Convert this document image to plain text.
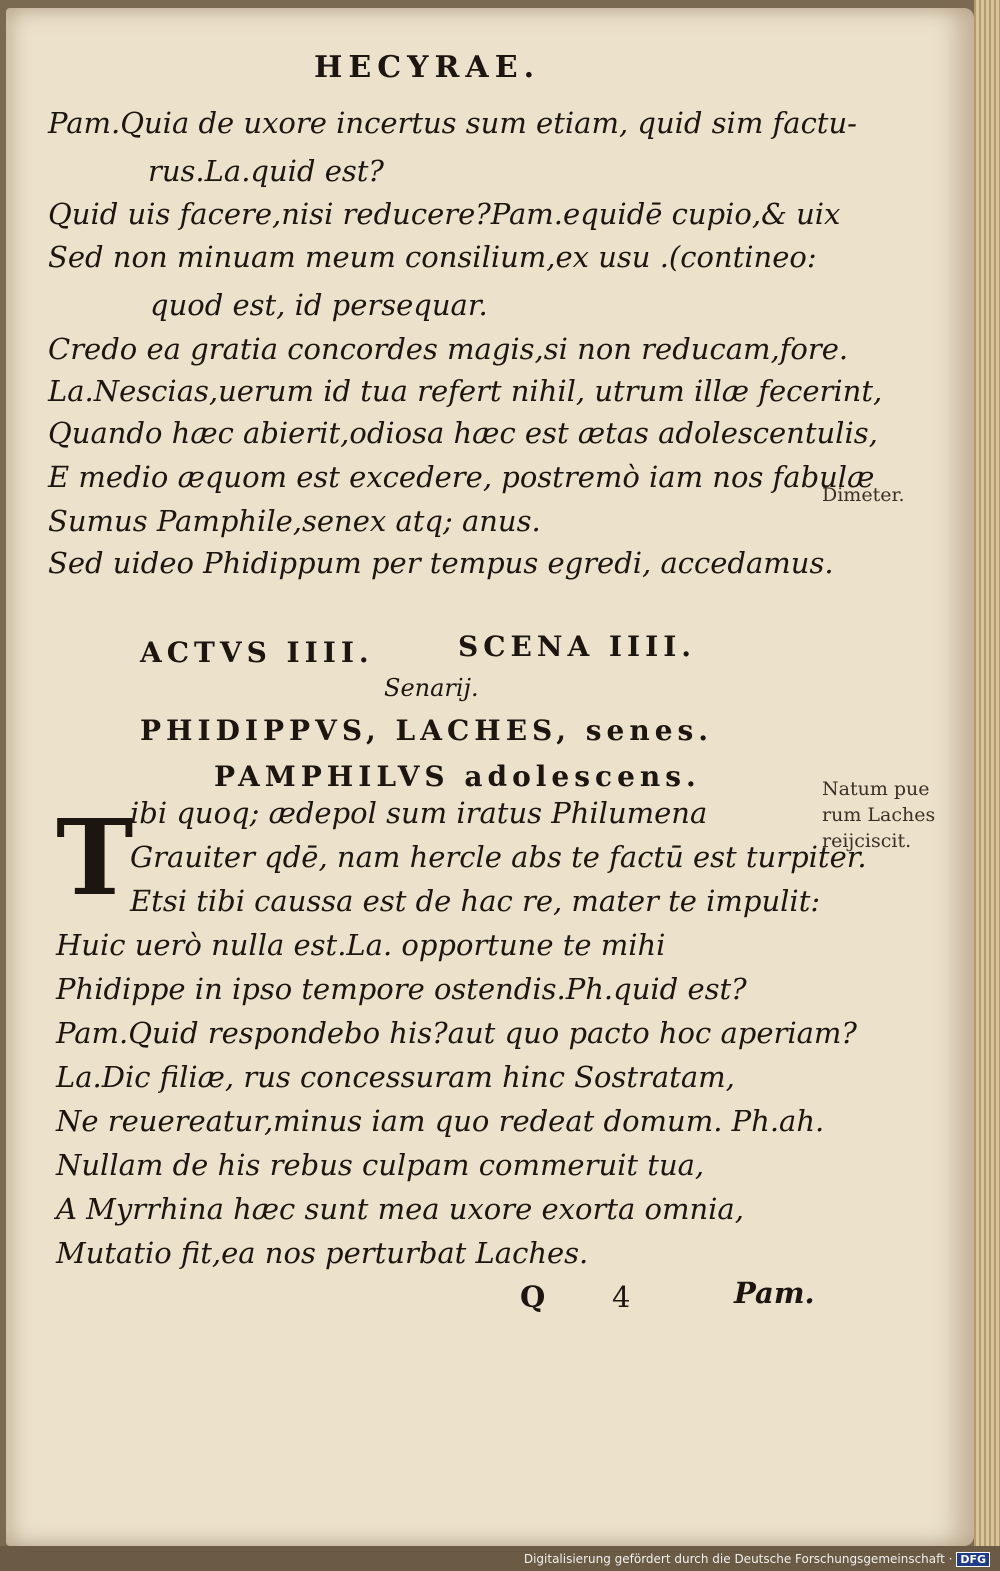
HECYRAE.
Pam.Quia de uxore incertus sum etiam, quid sim factu-
rus.La.quid est?
Quid uis facere,nisi reducere?Pam.equidē cupio,& uix
Sed non minuam meum consilium,ex usu .(contineo:
quod est, id persequar.
Credo ea gratia concordes magis,si non reducam,fore.
La.Nescias,uerum id tua refert nihil, utrum illæ fecerint,
Quando hæc abierit,odiosa hæc est ætas adolescentulis,
E medio æquom est excedere, postremò iam nos fabulæ
Sumus Pamphile,senex atq; anus.
Sed uideo Phidippum per tempus egredi, accedamus.
Dimeter.
ACTVS IIII.	SCENA IIII.
Senarij.
PHIDIPPVS, LACHES, senes.
PAMPHILVS adolescens.	Natum pue
rum Laches
reijciscit.
T
ibi quoq; ædepol sum iratus Philumena
Grauiter qdē, nam hercle abs te factū est turpiter.
Etsi tibi caussa est de hac re, mater te impulit:
Huic uerò nulla est.La. opportune te mihi
Phidippe in ipso tempore ostendis.Ph.quid est?
Pam.Quid respondebo his?aut quo pacto hoc aperiam?
La.Dic filiæ, rus concessuram hinc Sostratam,
Ne reuereatur,minus iam quo redeat domum. Ph.ah.
Nullam de his rebus culpam commeruit tua,
A Myrrhina hæc sunt mea uxore exorta omnia,
Mutatio fit,ea nos perturbat Laches.
Q 4	Pam.
Digitalisierung gefördert durch die Deutsche Forschungsgemeinschaft · DFG
